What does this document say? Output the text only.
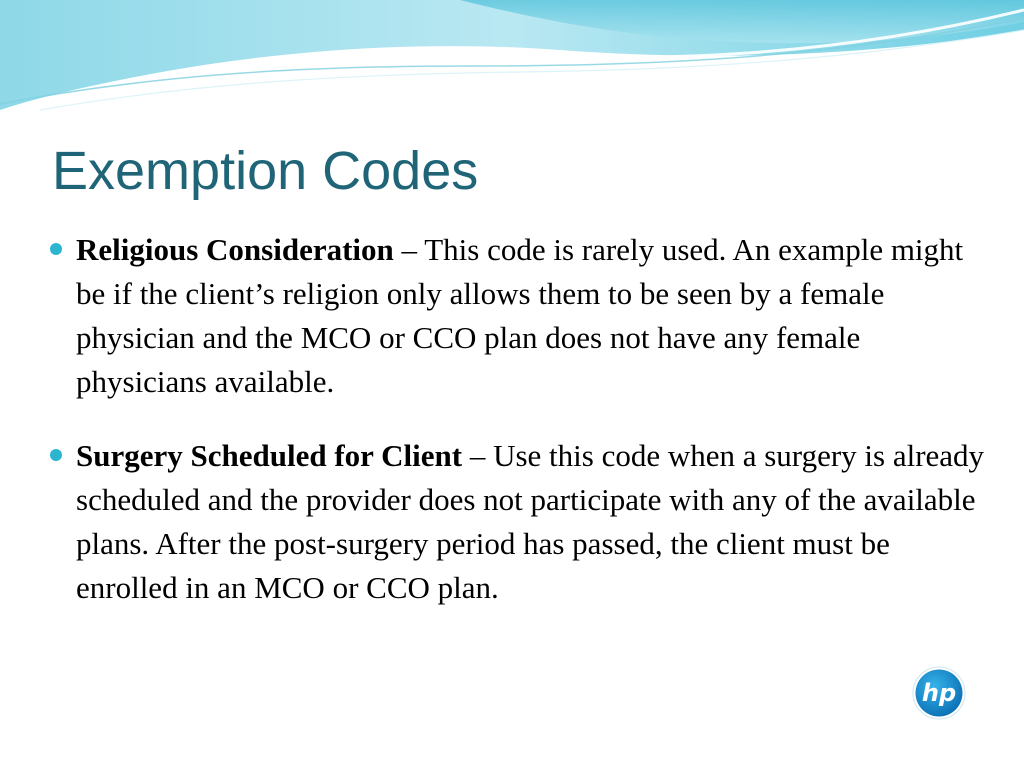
Exemption Codes
Religious Consideration – This code is rarely used. An example might be if the client’s religion only allows them to be seen by a female physician and the MCO or CCO plan does not have any female physicians available.
Surgery Scheduled for Client – Use this code when a surgery is already scheduled and the provider does not participate with any of the available plans. After the post-surgery period has passed, the client must be enrolled in an MCO or CCO plan.
hp
